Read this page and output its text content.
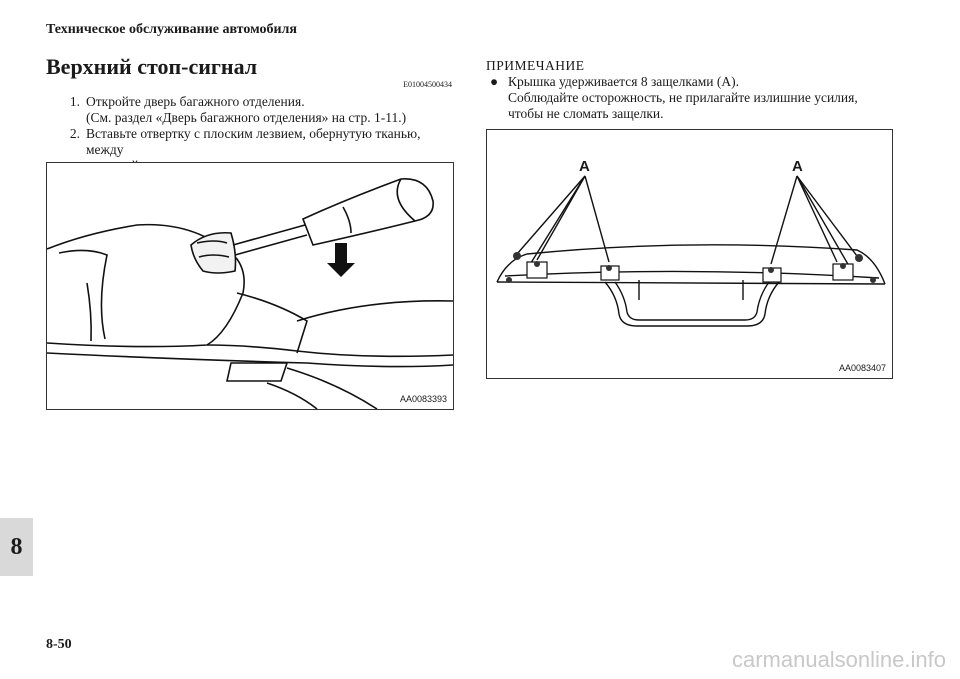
Техническое обслуживание автомобиля
8
8-50
Верхний стоп-сигнал
E01004500434
1. Откройте дверь багажного отделения.
(См. раздел «Дверь багажного отделения» на стр. 1-11.)
2. Вставьте отвертку с плоским лезвием, обернутую тканью, между
AA0083393
ПРИМЕЧАНИЕ
● Крышка удерживается 8 защелками (A).
Соблюдайте осторожность, не прилагайте излишние усилия,
чтобы не сломать защелки.
A	A
AA0083407
carmanualsonline.info
